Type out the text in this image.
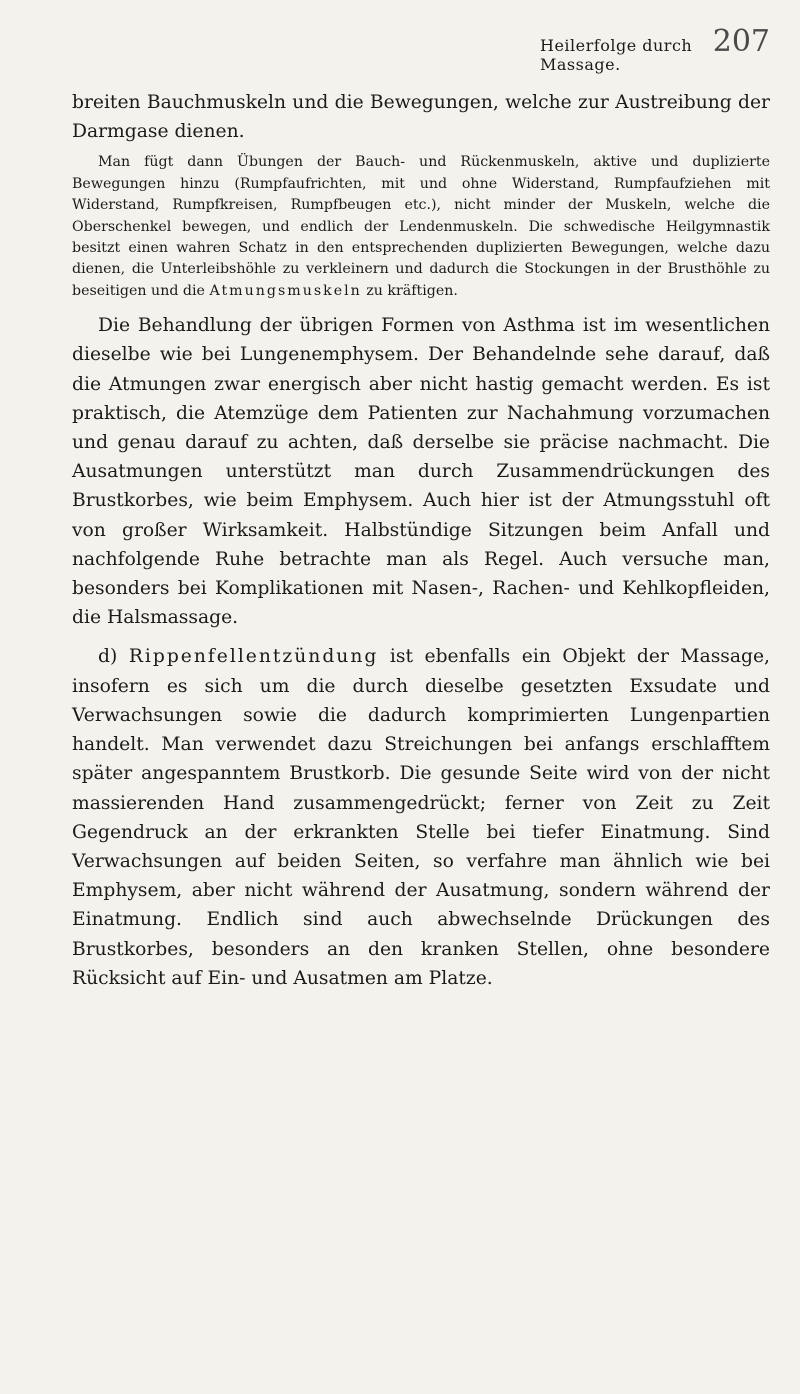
Heilerfolge durch Massage.
207

breiten Bauchmuskeln und die Bewegungen, welche zur Austreibung der Darmgase dienen.

Man fügt dann Übungen der Bauch- und Rückenmuskeln, aktive und duplizierte Bewegungen hinzu (Rumpfaufrichten, mit und ohne Widerstand, Rumpfaufziehen mit Widerstand, Rumpfkreisen, Rumpfbeugen etc.), nicht minder der Muskeln, welche die Oberschenkel bewegen, und endlich der Lendenmuskeln. Die schwedische Heilgymnastik besitzt einen wahren Schatz in den entsprechenden duplizierten Bewegungen, welche dazu dienen, die Unterleibshöhle zu verkleinern und dadurch die Stockungen in der Brusthöhle zu beseitigen und die Atmungsmuskeln zu kräftigen.

Die Behandlung der übrigen Formen von Asthma ist im wesentlichen dieselbe wie bei Lungenemphysem. Der Behandelnde sehe darauf, daß die Atmungen zwar energisch aber nicht hastig gemacht werden. Es ist praktisch, die Atemzüge dem Patienten zur Nachahmung vorzumachen und genau darauf zu achten, daß derselbe sie präcise nachmacht. Die Ausatmungen unterstützt man durch Zusammendrückungen des Brustkorbes, wie beim Emphysem. Auch hier ist der Atmungsstuhl oft von großer Wirksamkeit. Halbstündige Sitzungen beim Anfall und nachfolgende Ruhe betrachte man als Regel. Auch versuche man, besonders bei Komplikationen mit Nasen-, Rachen- und Kehlkopfleiden, die Halsmassage.

d) Rippenfellentzündung ist ebenfalls ein Objekt der Massage, insofern es sich um die durch dieselbe gesetzten Exsudate und Verwachsungen sowie die dadurch komprimierten Lungenpartien handelt. Man verwendet dazu Streichungen bei anfangs erschlafftem später angespanntem Brustkorb. Die gesunde Seite wird von der nicht massierenden Hand zusammengedrückt; ferner von Zeit zu Zeit Gegendruck an der erkrankten Stelle bei tiefer Einatmung. Sind Verwachsungen auf beiden Seiten, so verfahre man ähnlich wie bei Emphysem, aber nicht während der Ausatmung, sondern während der Einatmung. Endlich sind auch abwechselnde Drückungen des Brustkorbes, besonders an den kranken Stellen, ohne besondere Rücksicht auf Ein- und Ausatmen am Platze.
